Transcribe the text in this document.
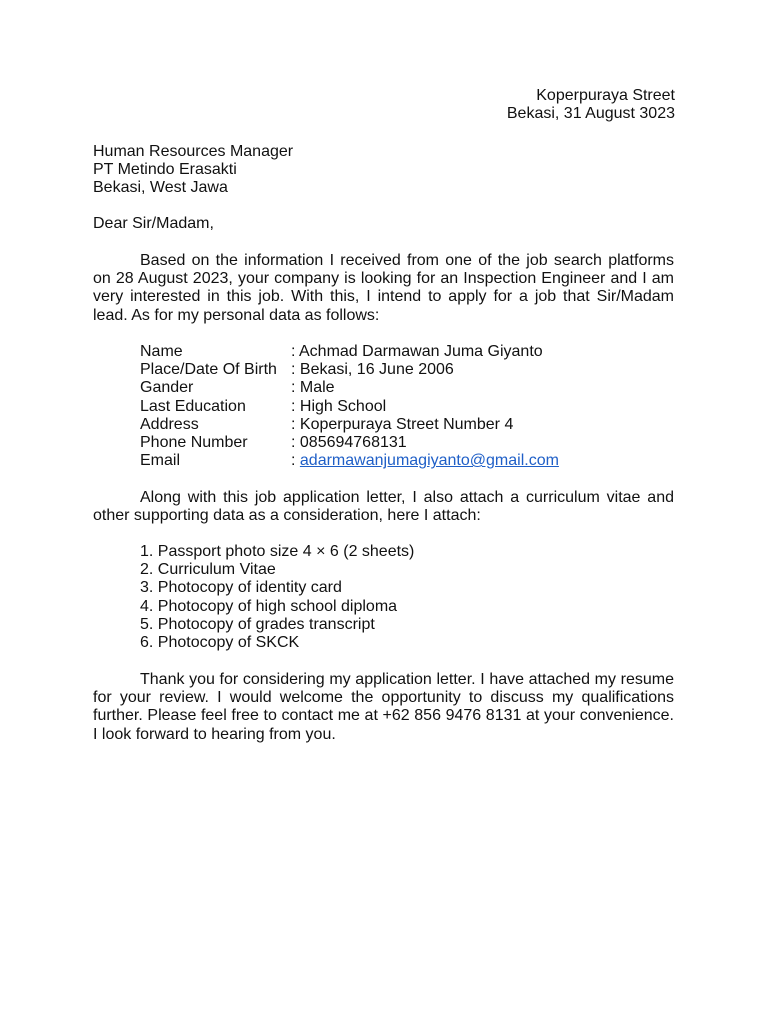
Koperpuraya Street
Bekasi, 31 August 3023
Human Resources Manager
PT Metindo Erasakti
Bekasi, West Jawa
Dear Sir/Madam,
Based on the information I received from one of the job search platforms on 28 August 2023, your company is looking for an Inspection Engineer and I am very interested in this job. With this, I intend to apply for a job that Sir/Madam lead. As for my personal data as follows:
Name	: Achmad Darmawan Juma Giyanto
Place/Date Of Birth : Bekasi, 16 June 2006
Gander	: Male
Last Education	: High School
Address	: Koperpuraya Street Number 4
Phone Number	: 085694768131
Email	: adarmawanjumagiyanto@gmail.com
Along with this job application letter, I also attach a curriculum vitae and other supporting data as a consideration, here I attach:
1. Passport photo size 4 × 6 (2 sheets)
2. Curriculum Vitae
3. Photocopy of identity card
4. Photocopy of high school diploma
5. Photocopy of grades transcript
6. Photocopy of SKCK
Thank you for considering my application letter. I have attached my resume for your review. I would welcome the opportunity to discuss my qualifications further. Please feel free to contact me at +62 856 9476 8131 at your convenience. I look forward to hearing from you.
